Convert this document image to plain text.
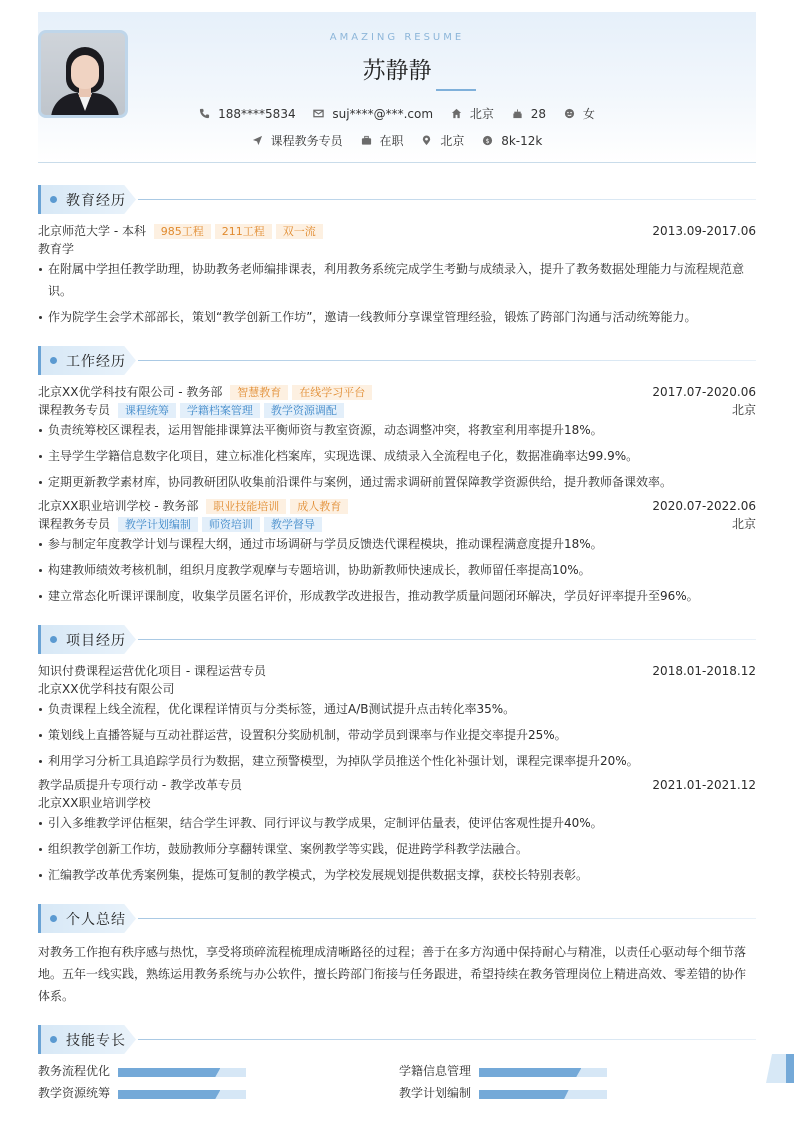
AMAZING RESUME
苏静静
188****5834	suj****@***.com	北京	28	女
课程教务专员	在职	北京	$ 8k-12k
教育经历
北京师范大学 - 本科 985工程 211工程 双一流	2013.09-2017.06
教育学
在附属中学担任教学助理，协助教务老师编排课表，利用教务系统完成学生考勤与成绩录入，提升了教务数据处理能力与流程规范意识。
作为院学生会学术部部长，策划“教学创新工作坊”，邀请一线教师分享课堂管理经验，锻炼了跨部门沟通与活动统筹能力。
工作经历
北京XX优学科技有限公司 - 教务部 智慧教育 在线学习平台	2017.07-2020.06
课程教务专员 课程统筹 学籍档案管理 教学资源调配	北京
负责统筹校区课程表，运用智能排课算法平衡师资与教室资源，动态调整冲突，将教室利用率提升18%。
主导学生学籍信息数字化项目，建立标准化档案库，实现选课、成绩录入全流程电子化，数据准确率达99.9%。
定期更新教学素材库，协同教研团队收集前沿课件与案例，通过需求调研前置保障教学资源供给，提升教师备课效率。
北京XX职业培训学校 - 教务部 职业技能培训 成人教育	2020.07-2022.06
课程教务专员 教学计划编制 师资培训 教学督导	北京
参与制定年度教学计划与课程大纲，通过市场调研与学员反馈迭代课程模块，推动课程满意度提升18%。
构建教师绩效考核机制，组织月度教学观摩与专题培训，协助新教师快速成长，教师留任率提高10%。
建立常态化听课评课制度，收集学员匿名评价，形成教学改进报告，推动教学质量问题闭环解决，学员好评率提升至96%。
项目经历
知识付费课程运营优化项目 - 课程运营专员	2018.01-2018.12
北京XX优学科技有限公司
负责课程上线全流程，优化课程详情页与分类标签，通过A/B测试提升点击转化率35%。
策划线上直播答疑与互动社群运营，设置积分奖励机制，带动学员到课率与作业提交率提升25%。
利用学习分析工具追踪学员行为数据，建立预警模型，为掉队学员推送个性化补强计划，课程完课率提升20%。
教学品质提升专项行动 - 教学改革专员	2021.01-2021.12
北京XX职业培训学校
引入多维教学评估框架，结合学生评教、同行评议与教学成果，定制评估量表，使评估客观性提升40%。
组织教学创新工作坊，鼓励教师分享翻转课堂、案例教学等实践，促进跨学科教学法融合。
汇编教学改革优秀案例集，提炼可复制的教学模式，为学校发展规划提供数据支撑，获校长特别表彰。
个人总结
对教务工作抱有秩序感与热忱，享受将琐碎流程梳理成清晰路径的过程；善于在多方沟通中保持耐心与精准，以责任心驱动每个细节落地。五年一线实践，熟练运用教务系统与办公软件，擅长跨部门衔接与任务跟进，希望持续在教务管理岗位上精进高效、零差错的协作体系。
技能专长
教务流程优化	学籍信息管理
教学资源统筹	教学计划编制
